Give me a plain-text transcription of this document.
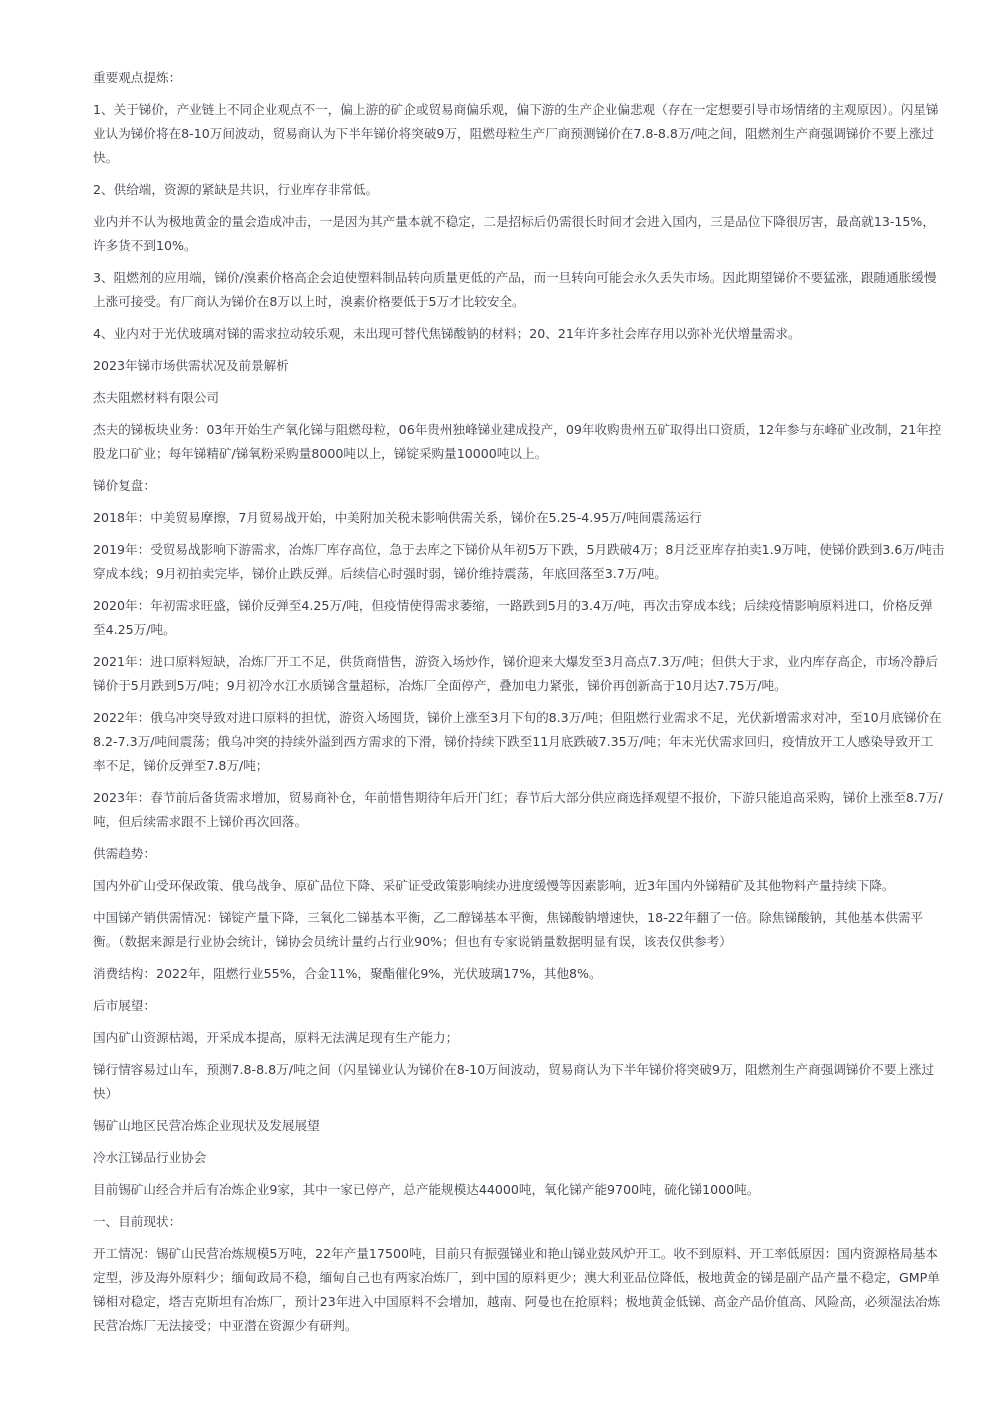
重要观点提炼：

1、关于锑价，产业链上不同企业观点不一，偏上游的矿企或贸易商偏乐观，偏下游的生产企业偏悲观（存在一定想要引导市场情绪的主观原因）。闪星锑业认为锑价将在8-10万间波动，贸易商认为下半年锑价将突破9万，阻燃母粒生产厂商预测锑价在7.8-8.8万/吨之间，阻燃剂生产商强调锑价不要上涨过快。

2、供给端，资源的紧缺是共识，行业库存非常低。

业内并不认为极地黄金的量会造成冲击，一是因为其产量本就不稳定，二是招标后仍需很长时间才会进入国内，三是品位下降很厉害，最高就13-15%，许多货不到10%。

3、阻燃剂的应用端，锑价/溴素价格高企会迫使塑料制品转向质量更低的产品，而一旦转向可能会永久丢失市场。因此期望锑价不要猛涨，跟随通胀缓慢上涨可接受。有厂商认为锑价在8万以上时，溴素价格要低于5万才比较安全。

4、业内对于光伏玻璃对锑的需求拉动较乐观，未出现可替代焦锑酸钠的材料；20、21年许多社会库存用以弥补光伏增量需求。

2023年锑市场供需状况及前景解析

杰夫阻燃材料有限公司

杰夫的锑板块业务：03年开始生产氧化锑与阻燃母粒，06年贵州独峰锑业建成投产，09年收购贵州五矿取得出口资质，12年参与东峰矿业改制，21年控股龙口矿业；每年锑精矿/锑氧粉采购量8000吨以上，锑锭采购量10000吨以上。

锑价复盘：

2018年：中美贸易摩擦，7月贸易战开始，中美附加关税未影响供需关系，锑价在5.25-4.95万/吨间震荡运行

2019年：受贸易战影响下游需求，冶炼厂库存高位，急于去库之下锑价从年初5万下跌，5月跌破4万；8月泛亚库存拍卖1.9万吨，使锑价跌到3.6万/吨击穿成本线；9月初拍卖完毕，锑价止跌反弹。后续信心时强时弱，锑价维持震荡，年底回落至3.7万/吨。

2020年：年初需求旺盛，锑价反弹至4.25万/吨，但疫情使得需求萎缩，一路跌到5月的3.4万/吨，再次击穿成本线；后续疫情影响原料进口，价格反弹至4.25万/吨。

2021年：进口原料短缺，冶炼厂开工不足，供货商惜售，游资入场炒作，锑价迎来大爆发至3月高点7.3万/吨；但供大于求，业内库存高企，市场冷静后锑价于5月跌到5万/吨；9月初冷水江水质锑含量超标，冶炼厂全面停产，叠加电力紧张，锑价再创新高于10月达7.75万/吨。

2022年：俄乌冲突导致对进口原料的担忧，游资入场囤货，锑价上涨至3月下旬的8.3万/吨；但阻燃行业需求不足，光伏新增需求对冲，至10月底锑价在8.2-7.3万/吨间震荡；俄乌冲突的持续外溢到西方需求的下滑，锑价持续下跌至11月底跌破7.35万/吨；年末光伏需求回归，疫情放开工人感染导致开工率不足，锑价反弹至7.8万/吨；

2023年：春节前后备货需求增加，贸易商补仓，年前惜售期待年后开门红；春节后大部分供应商选择观望不报价，下游只能追高采购，锑价上涨至8.7万/吨，但后续需求跟不上锑价再次回落。

供需趋势：

国内外矿山受环保政策、俄乌战争、原矿品位下降、采矿证受政策影响续办进度缓慢等因素影响，近3年国内外锑精矿及其他物料产量持续下降。

中国锑产销供需情况：锑锭产量下降，三氧化二锑基本平衡，乙二醇锑基本平衡，焦锑酸钠增速快，18-22年翻了一倍。除焦锑酸钠，其他基本供需平衡。（数据来源是行业协会统计，锑协会员统计量约占行业90%；但也有专家说销量数据明显有误，该表仅供参考）

消费结构：2022年，阻燃行业55%，合金11%，聚酯催化9%，光伏玻璃17%，其他8%。

后市展望：

国内矿山资源枯竭，开采成本提高，原料无法满足现有生产能力；

锑行情容易过山车，预测7.8-8.8万/吨之间（闪星锑业认为锑价在8-10万间波动，贸易商认为下半年锑价将突破9万，阻燃剂生产商强调锑价不要上涨过快）

锡矿山地区民营冶炼企业现状及发展展望

冷水江锑品行业协会

目前锡矿山经合并后有冶炼企业9家，其中一家已停产，总产能规模达44000吨，氧化锑产能9700吨，硫化锑1000吨。

一、目前现状：

开工情况：锡矿山民营冶炼规模5万吨，22年产量17500吨，目前只有振强锑业和艳山锑业鼓风炉开工。收不到原料、开工率低原因：国内资源格局基本定型，涉及海外原料少；缅甸政局不稳，缅甸自己也有两家冶炼厂，到中国的原料更少；澳大利亚品位降低，极地黄金的锑是副产品产量不稳定，GMP单锑相对稳定，塔吉克斯坦有冶炼厂，预计23年进入中国原料不会增加，越南、阿曼也在抢原料；极地黄金低锑、高金产品价值高、风险高，必须湿法冶炼民营冶炼厂无法接受；中亚潜在资源少有研判。
